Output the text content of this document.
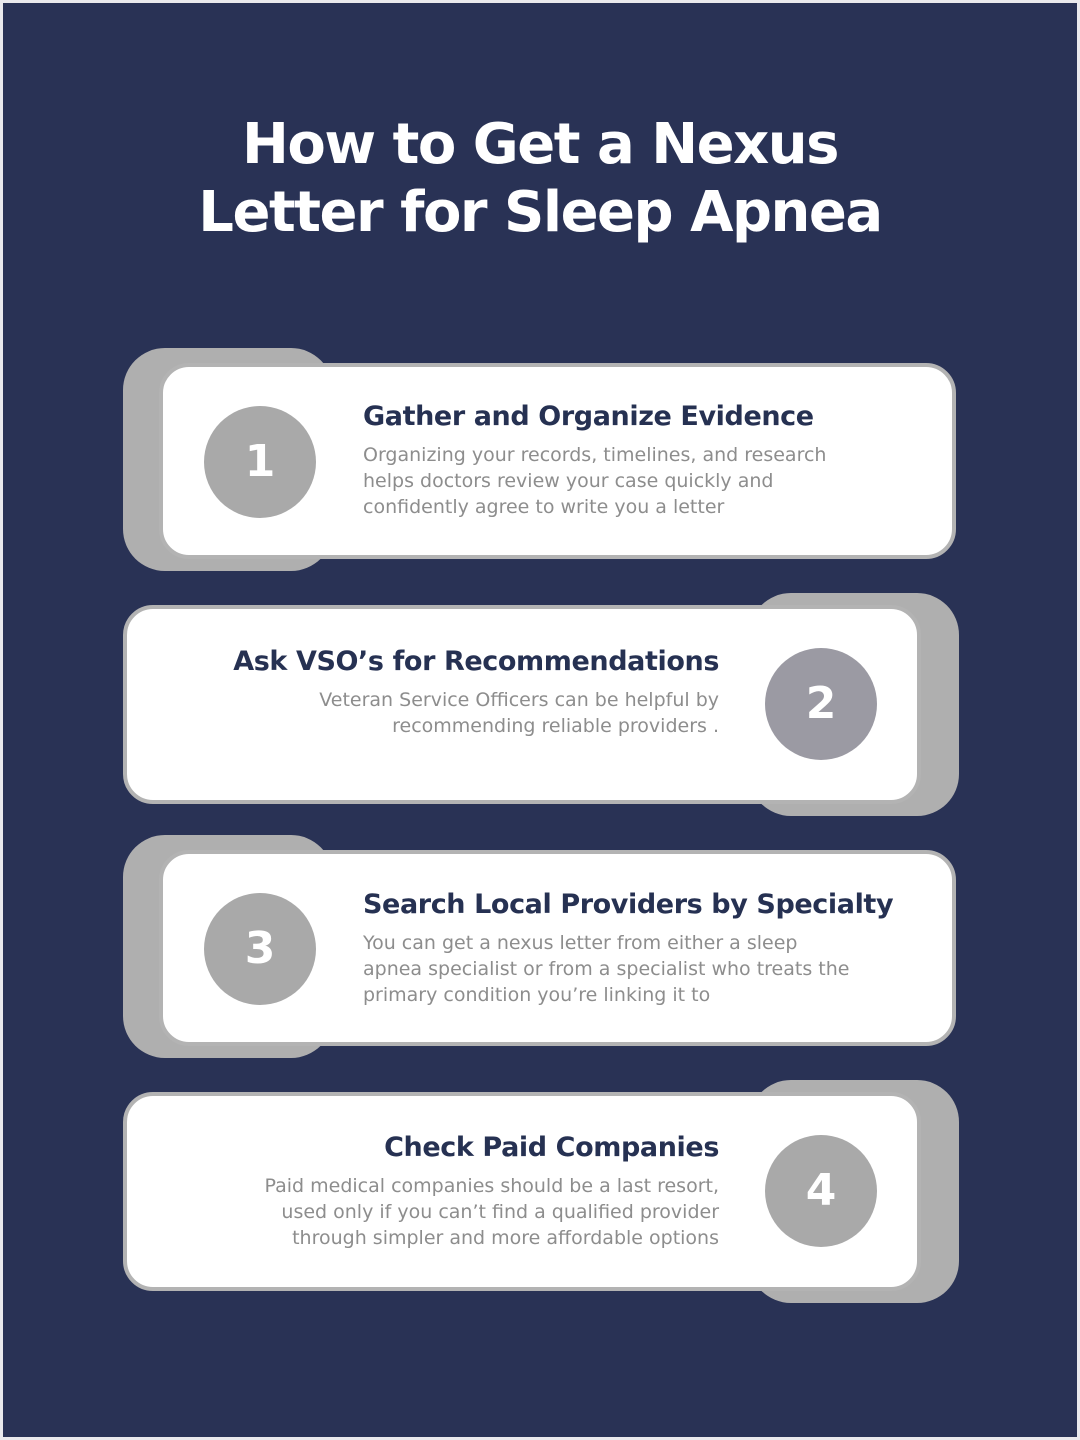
How to Get a Nexus
Letter for Sleep Apnea
1
Gather and Organize Evidence
Organizing your records, timelines, and research
helps doctors review your case quickly and
confidently agree to write you a letter
2
Ask VSO’s for Recommendations
Veteran Service Officers can be helpful by
recommending reliable providers .
3
Search Local Providers by Specialty
You can get a nexus letter from either a sleep
apnea specialist or from a specialist who treats the
primary condition you’re linking it to
4
Check Paid Companies
Paid medical companies should be a last resort,
used only if you can’t find a qualified provider
through simpler and more affordable options
